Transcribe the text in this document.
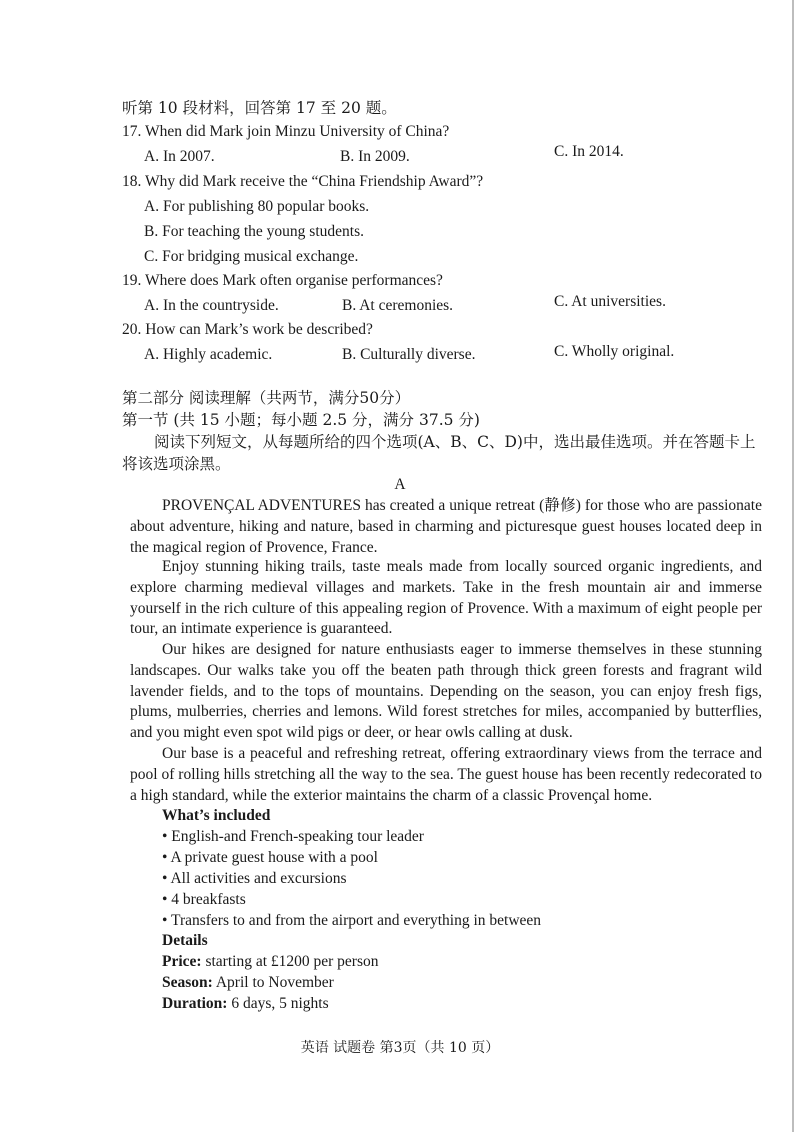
听第 10 段材料，回答第 17 至 20 题。
17. When did Mark join Minzu University of China?
A. In 2007.	B. In 2009.	C. In 2014.
18. Why did Mark receive the “China Friendship Award”?
A. For publishing 80 popular books.
B. For teaching the young students.
C. For bridging musical exchange.
19. Where does Mark often organise performances?
A. In the countryside.	B. At ceremonies.	C. At universities.
20. How can Mark’s work be described?
A. Highly academic.	B. Culturally diverse.	C. Wholly original.
第二部分 阅读理解（共两节，满分50分）
第一节 (共 15 小题；每小题 2.5 分，满分 37.5 分)
阅读下列短文，从每题所给的四个选项(A、B、C、D)中，选出最佳选项。并在答题卡上
将该选项涂黑。
A
PROVENÇAL ADVENTURES has created a unique retreat (静修) for those who are passionate about adventure, hiking and nature, based in charming and picturesque guest houses located deep in the magical region of Provence, France.
Enjoy stunning hiking trails, taste meals made from locally sourced organic ingredients, and explore charming medieval villages and markets. Take in the fresh mountain air and immerse yourself in the rich culture of this appealing region of Provence. With a maximum of eight people per tour, an intimate experience is guaranteed.
Our hikes are designed for nature enthusiasts eager to immerse themselves in these stunning landscapes. Our walks take you off the beaten path through thick green forests and fragrant wild lavender fields, and to the tops of mountains. Depending on the season, you can enjoy fresh figs, plums, mulberries, cherries and lemons. Wild forest stretches for miles, accompanied by butterflies, and you might even spot wild pigs or deer, or hear owls calling at dusk.
Our base is a peaceful and refreshing retreat, offering extraordinary views from the terrace and pool of rolling hills stretching all the way to the sea. The guest house has been recently redecorated to a high standard, while the exterior maintains the charm of a classic Provençal home.
What’s included
• English-and French-speaking tour leader
• A private guest house with a pool
• All activities and excursions
• 4 breakfasts
• Transfers to and from the airport and everything in between
Details
Price: starting at £1200 per person
Season: April to November
Duration: 6 days, 5 nights
英语 试题卷 第3页（共 10 页）
